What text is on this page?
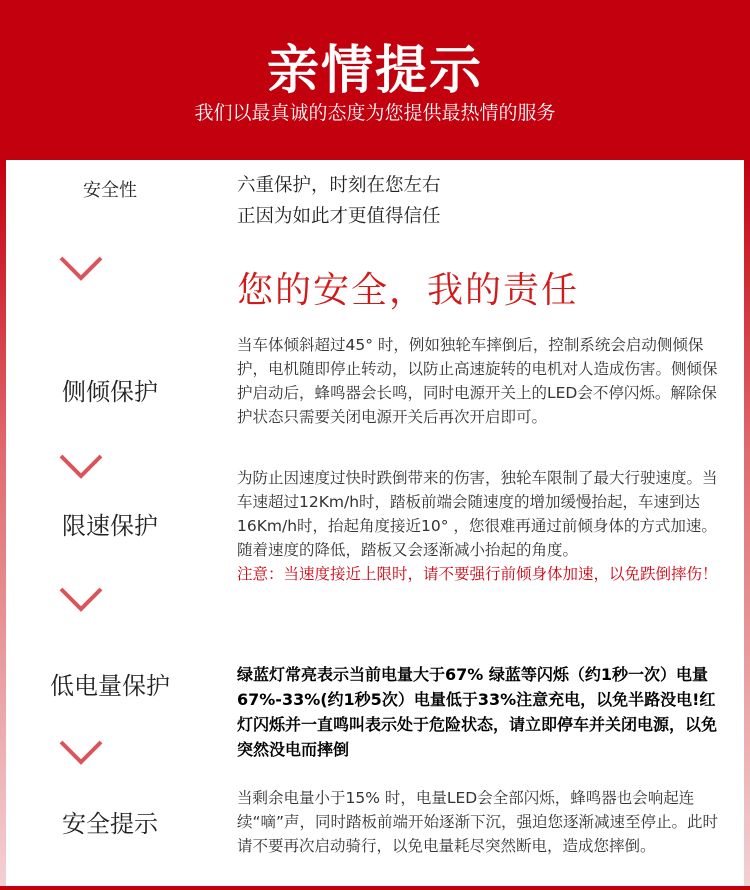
亲情提示
我们以最真诚的态度为您提供最热情的服务
安全性	六重保护，时刻在您左右
正因为如此才更值得信任
您的安全，我的责任
侧倾保护
当车体倾斜超过45° 时，例如独轮车摔倒后，控制系统会启动侧倾保护，电机随即停止转动，以防止高速旋转的电机对人造成伤害。侧倾保护启动后，蜂鸣器会长鸣，同时电源开关上的LED会不停闪烁。解除保护状态只需要关闭电源开关后再次开启即可。
限速保护
为防止因速度过快时跌倒带来的伤害，独轮车限制了最大行驶速度。当车速超过12Km/h时，踏板前端会随速度的增加缓慢抬起，车速到达16Km/h时，抬起角度接近10° ，您很难再通过前倾身体的方式加速。随着速度的降低，踏板又会逐渐减小抬起的角度。
注意：当速度接近上限时，请不要强行前倾身体加速，以免跌倒摔伤！
低电量保护	绿蓝灯常亮表示当前电量大于67% 绿蓝等闪烁（约1秒一次）电量67%-33%(约1秒5次）电量低于33%注意充电，以免半路没电!红灯闪烁并一直鸣叫表示处于危险状态，请立即停车并关闭电源，以免突然没电而摔倒
安全提示
当剩余电量小于15% 时，电量LED会全部闪烁，蜂鸣器也会响起连续“嘀”声，同时踏板前端开始逐渐下沉，强迫您逐渐减速至停止。此时请不要再次启动骑行，以免电量耗尽突然断电，造成您摔倒。
